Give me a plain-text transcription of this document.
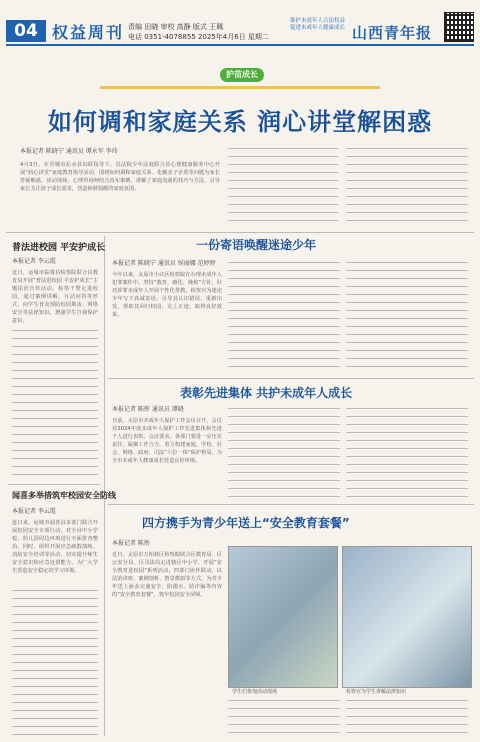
04 权益周刊 责编 田晓 审校 高静 版式 王珮
电话 0351-4078855 2025年4月6日 星期二
维护未成年人合法权益 促进未成年人健康成长 山西青年报
护苗成长
如何调和家庭关系 润心讲堂解困惑
本报记者 陈晓宁 通讯员 谭永军 李玮
4月3日，在晋城市沁水县妇联指导下，县法院少年法庭联合县心理健康服务中心开展“润心讲堂”家庭教育指导活动，围绕如何调和家庭关系、化解亲子矛盾等问题为家长答疑解惑。活动现场，心理咨询师结合真实案例，讲解了家庭沟通的技巧与方法，引导家长关注孩子成长需求，营造和谐温暖的家庭氛围。
普法进校园 平安护成长
本报记者 李云霞
近日，运城市临猗县检察院联合县教育局开展“普法进校园 平安护成长”主题法治宣传活动。检察干警走进校园，通过案例讲解、互动问答等形式，向学生普及预防校园欺凌、网络安全等法律知识，增强学生自我保护意识。
闻喜多举措筑牢校园安全防线
本报记者 李云霞
连日来，运城市闻喜县多部门联合开展校园安全专项行动，对全县中小学校、幼儿园周边环境进行全面排查整治。同时，组织开展应急疏散演练、消防安全培训等活动，切实提升师生安全意识和应急处置能力，为广大学生营造安全稳定的学习环境。
一份寄语唤醒迷途少年
本报记者 陈晓宁 通讯员 侯丽娜 范婷婷
今年以来，太原市小店区检察院在办理未成年人犯罪案件中，坚持“教育、感化、挽救”方针，针对涉罪未成年人开展个性化帮教。检察官为迷途少年写下真诚寄语，引导其认识错误、重新出发，帮助其回归校园、走上正途，取得良好效果。
表彰先进集体 共护未成年人成长
本报记者 陈彤 通讯员 谭晓
日前，太原市未成年人保护工作会议召开，会议对2024年度未成年人保护工作先进集体和先进个人进行表彰。会议要求，各部门要进一步压实责任，凝聚工作合力，着力构建家庭、学校、社会、网络、政府、司法“六位一体”保护格局，为全市未成年人健康成长营造良好环境。
四方携手为青少年送上“安全教育套餐”
本报记者 陈彤
近日，太原市万柏林区检察院联合区教育局、区公安分局、区司法局走进辖区中小学，开展“安全教育进校园”系列活动。四部门协作联动，以法治讲座、案例剖析、情景模拟等方式，为青少年送上涵盖交通安全、防溺水、防诈骗等内容的“安全教育套餐”，筑牢校园安全屏障。
学生们参加活动现场	检察官为学生讲解法律知识
